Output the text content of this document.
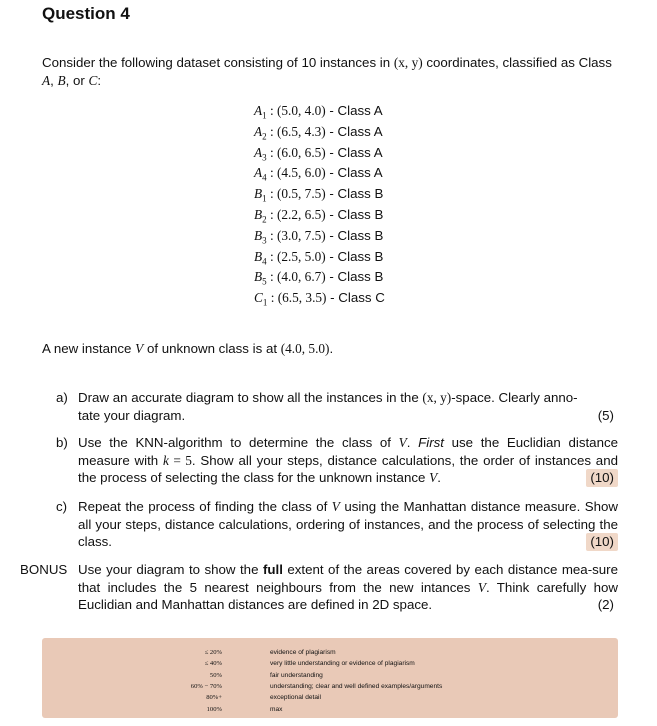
Question 4
Consider the following dataset consisting of 10 instances in (x, y) coordinates, classified as Class A, B, or C:
$A_1$ : (5.0, 4.0) - Class A
$A_2$ : (6.5, 4.3) - Class A
$A_3$ : (6.0, 6.5) - Class A
$A_4$ : (4.5, 6.0) - Class A
$B_1$ : (0.5, 7.5) - Class B
$B_2$ : (2.2, 6.5) - Class B
$B_3$ : (3.0, 7.5) - Class B
$B_4$ : (2.5, 5.0) - Class B
$B_5$ : (4.0, 6.7) - Class B
$C_1$ : (6.5, 3.5) - Class C
A new instance V of unknown class is at (4.0, 5.0).
a) Draw an accurate diagram to show all the instances in the (x, y)-space. Clearly anno-
tate your diagram.	(5)
b) Use the KNN-algorithm to determine the class of V. First use the Euclidian distance measure with k = 5. Show all your steps, distance calculations, the order of instances and the process of selecting the class for the unknown instance V.	(10)
c) Repeat the process of finding the class of V using the Manhattan distance measure. Show all your steps, distance calculations, ordering of instances, and the process of selecting the class.	(10)
BONUS Use your diagram to show the full extent of the areas covered by each distance mea-sure that includes the 5 nearest neighbours from the new intances V. Think carefully how Euclidian and Manhattan distances are defined in 2D space.	(2)
≤ 20%	evidence of plagiarism
≤ 40%	very little understanding or evidence of plagiarism
50%	fair understanding
60% − 70%	understanding; clear and well defined examples/arguments
80%+	exceptional detail
100%	max
